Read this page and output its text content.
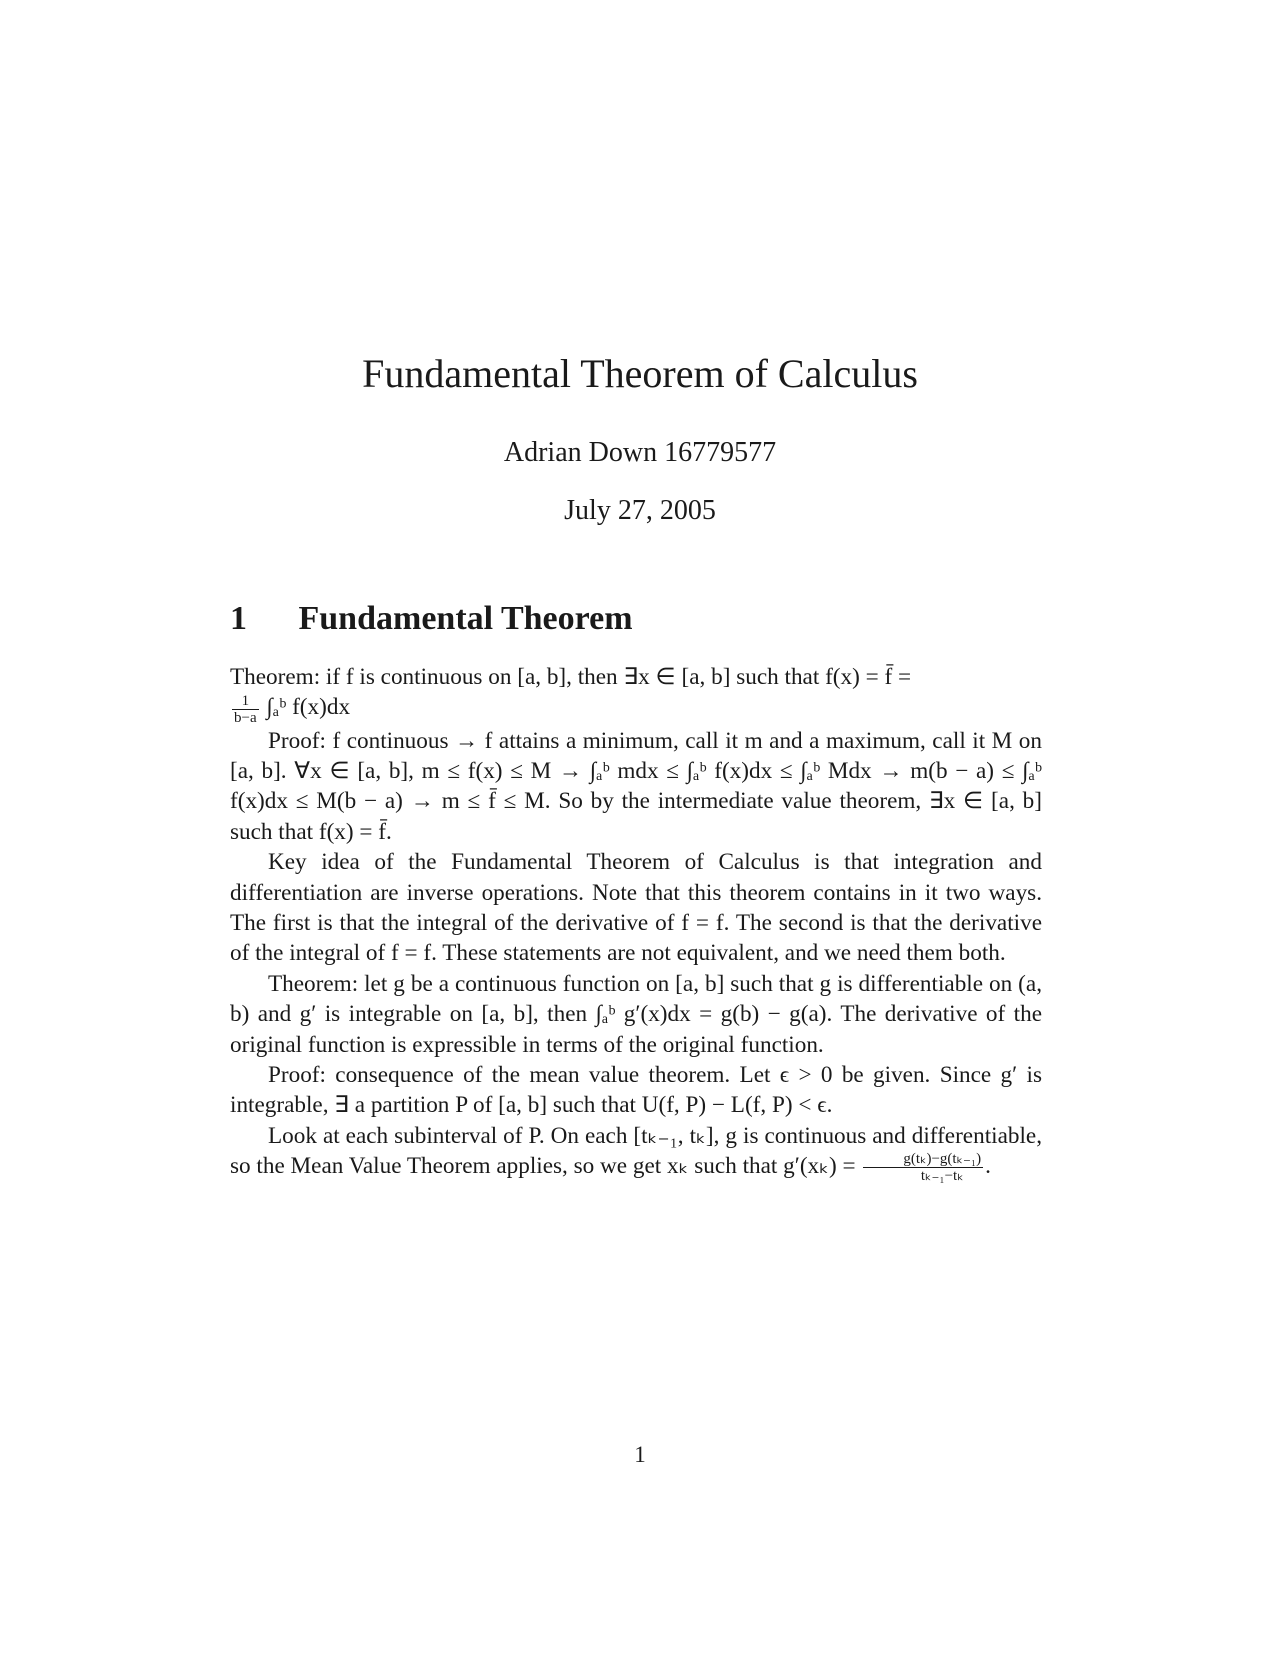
Fundamental Theorem of Calculus
Adrian Down 16779577
July 27, 2005
1 Fundamental Theorem

Theorem: if f is continuous on [a, b], then ∃x ∈ [a, b] such that f(x) = f̄ =

$\frac{1}{b-a}$ ∫ₐᵇ f(x)dx

Proof: f continuous → f attains a minimum, call it m and a maximum, call it M on [a, b]. ∀x ∈ [a, b], m ≤ f(x) ≤ M → ∫ₐᵇ mdx ≤ ∫ₐᵇ f(x)dx ≤ ∫ₐᵇ Mdx → m(b − a) ≤ ∫ₐᵇ f(x)dx ≤ M(b − a) → m ≤ f̄ ≤ M. So by the intermediate value theorem, ∃x ∈ [a, b] such that f(x) = f̄.

Key idea of the Fundamental Theorem of Calculus is that integration and differentiation are inverse operations. Note that this theorem contains in it two ways. The first is that the integral of the derivative of f = f. The second is that the derivative of the integral of f = f. These statements are not equivalent, and we need them both.

Theorem: let g be a continuous function on [a, b] such that g is differentiable on (a, b) and g′ is integrable on [a, b], then ∫ₐᵇ g′(x)dx = g(b) − g(a). The derivative of the original function is expressible in terms of the original function.

Proof: consequence of the mean value theorem. Let ϵ > 0 be given. Since g′ is integrable, ∃ a partition P of [a, b] such that U(f, P) − L(f, P) < ϵ.

Look at each subinterval of P. On each [tₖ₋₁, tₖ], g is continuous and differentiable, so the Mean Value Theorem applies, so we get xₖ such that $g'(x_k) = \frac{\text{g(tₖ)−g(tₖ₋₁)}}{\text{tₖ₋₁−tₖ}}$ .

1
